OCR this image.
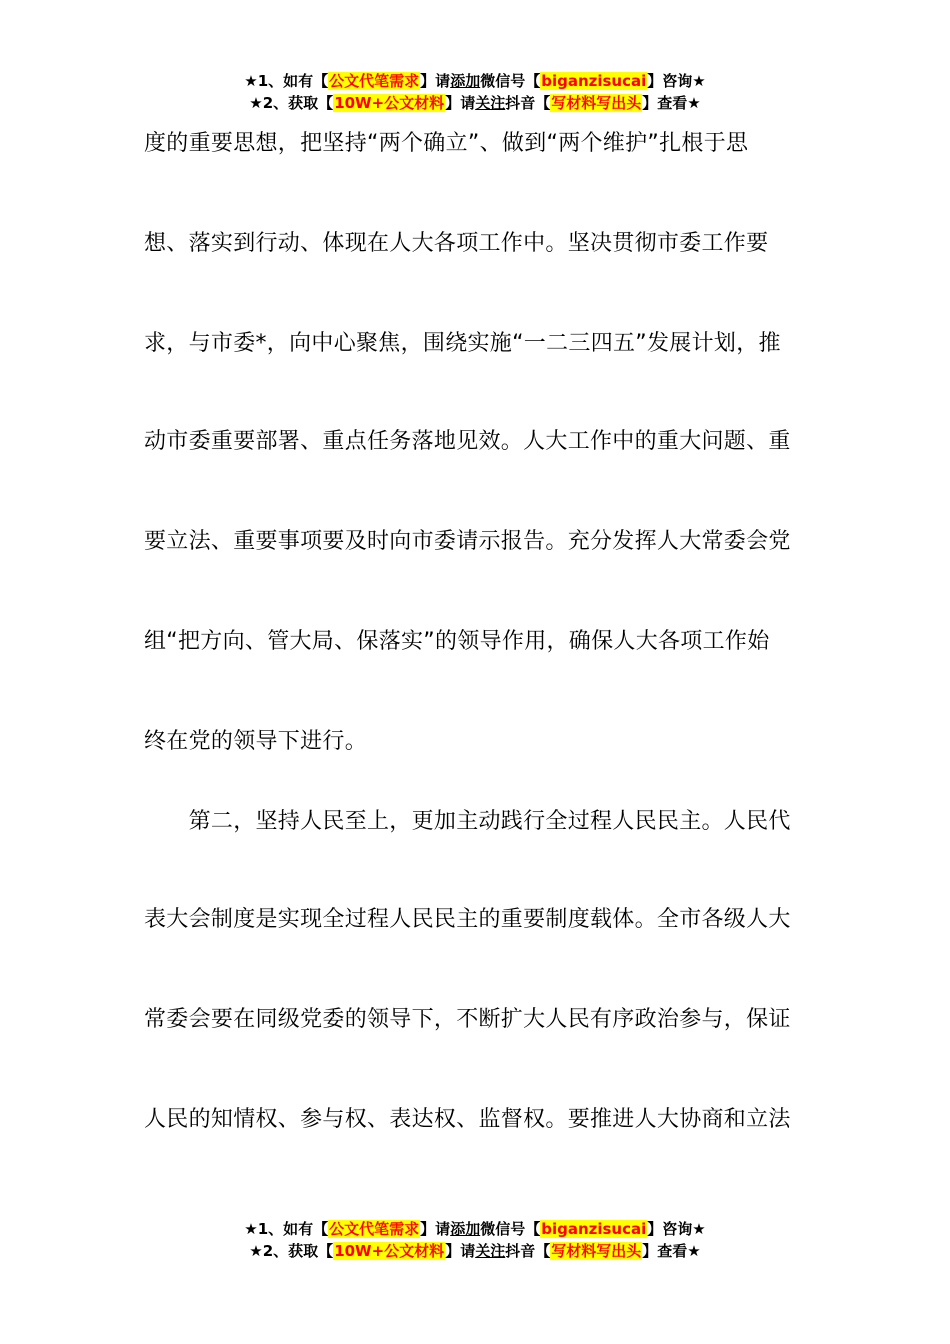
★1、如有【公文代笔需求】请添加微信号【biganzisucai】咨询★
★2、获取【10W+公文材料】请关注抖音【写材料写出头】查看★
度的重要思想，把坚持“两个确立”、做到“两个维护”扎根于思
想、落实到行动、体现在人大各项工作中。坚决贯彻市委工作要
求，与市委*，向中心聚焦，围绕实施“一二三四五”发展计划，推
动市委重要部署、重点任务落地见效。人大工作中的重大问题、重
要立法、重要事项要及时向市委请示报告。充分发挥人大常委会党
组“把方向、管大局、保落实”的领导作用，确保人大各项工作始
终在党的领导下进行。
　　第二，坚持人民至上，更加主动践行全过程人民民主。人民代
表大会制度是实现全过程人民民主的重要制度载体。全市各级人大
常委会要在同级党委的领导下，不断扩大人民有序政治参与，保证
人民的知情权、参与权、表达权、监督权。要推进人大协商和立法
★1、如有【公文代笔需求】请添加微信号【biganzisucai】咨询★
★2、获取【10W+公文材料】请关注抖音【写材料写出头】查看★
